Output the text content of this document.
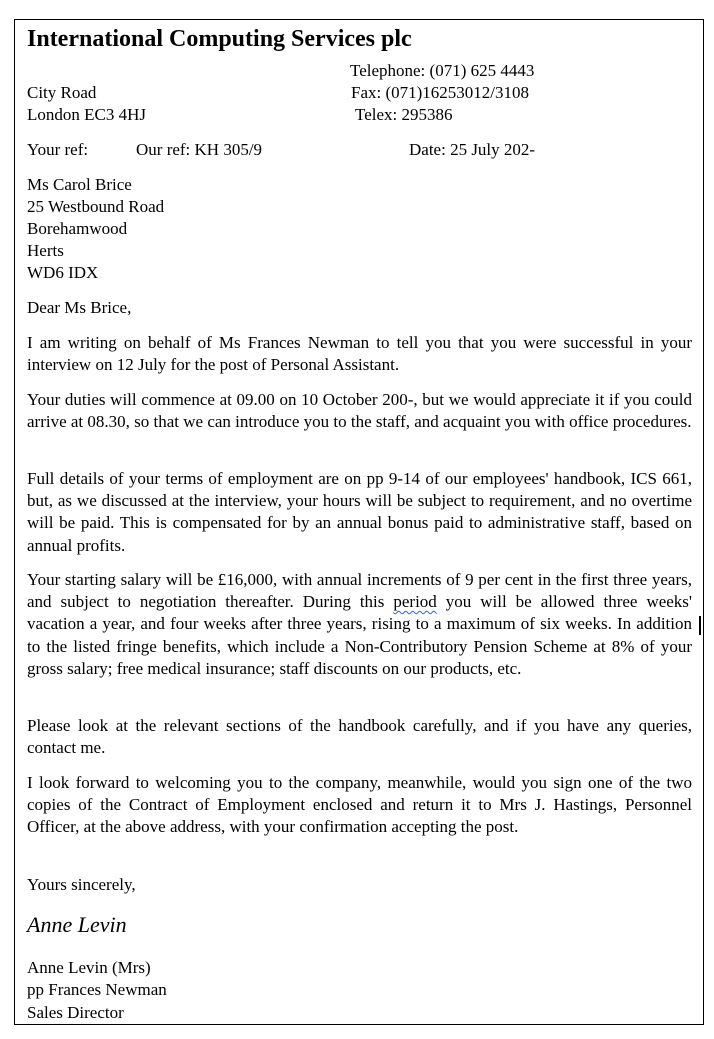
International Computing Services plc
Telephone: (071) 625 4443
City Road	Fax: (071)16253012/3108
London EC3 4HJ	Telex: 295386
Your ref:	Our ref: KH 305/9	Date: 25 July 202-
Ms Carol Brice
25 Westbound Road
Borehamwood
Herts
WD6 IDX
Dear Ms Brice,
I am writing on behalf of Ms Frances Newman to tell you that you were successful in your interview on 12 July for the post of Personal Assistant.
Your duties will commence at 09.00 on 10 October 200-, but we would appreciate it if you could arrive at 08.30, so that we can introduce you to the staff, and acquaint you with office procedures.
Full details of your terms of employment are on pp 9-14 of our employees' handbook, ICS 661, but, as we discussed at the interview, your hours will be subject to requirement, and no overtime will be paid. This is compensated for by an annual bonus paid to administrative staff, based on annual profits.
Your starting salary will be £16,000, with annual increments of 9 per cent in the first three years, and subject to negotiation thereafter. During this period you will be allowed three weeks' vacation a year, and four weeks after three years, rising to a maximum of six weeks. In addition to the listed fringe benefits, which include a Non-Contributory Pension Scheme at 8% of your gross salary; free medical insurance; staff discounts on our products, etc.
Please look at the relevant sections of the handbook carefully, and if you have any queries, contact me.
I look forward to welcoming you to the company, meanwhile, would you sign one of the two copies of the Contract of Employment enclosed and return it to Mrs J. Hastings, Personnel Officer, at the above address, with your confirmation accepting the post.
Yours sincerely,
Anne Levin
Anne Levin (Mrs)
pp Frances Newman
Sales Director
